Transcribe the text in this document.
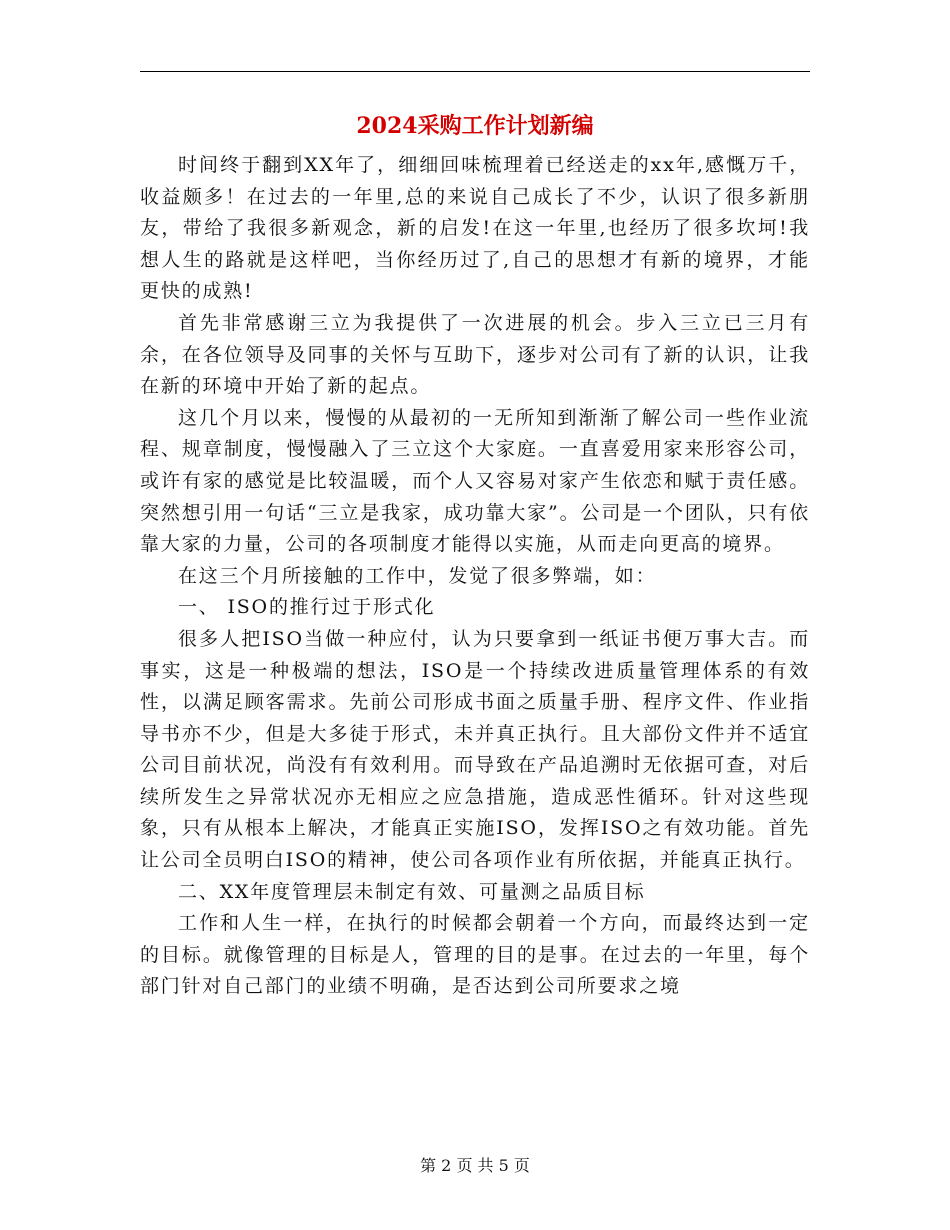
2024采购工作计划新编

时间终于翻到XX年了，细细回味梳理着已经送走的xx年,感慨万千，收益颇多！在过去的一年里,总的来说自己成长了不少，认识了很多新朋友，带给了我很多新观念，新的启发!在这一年里,也经历了很多坎坷!我想人生的路就是这样吧，当你经历过了,自己的思想才有新的境界，才能更快的成熟!

首先非常感谢三立为我提供了一次进展的机会。步入三立已三月有余，在各位领导及同事的关怀与互助下，逐步对公司有了新的认识，让我在新的环境中开始了新的起点。

这几个月以来，慢慢的从最初的一无所知到渐渐了解公司一些作业流程、规章制度，慢慢融入了三立这个大家庭。一直喜爱用家来形容公司，或许有家的感觉是比较温暖，而个人又容易对家产生依恋和赋于责任感。突然想引用一句话“三立是我家，成功靠大家”。公司是一个团队，只有依靠大家的力量，公司的各项制度才能得以实施，从而走向更高的境界。

在这三个月所接触的工作中，发觉了很多弊端，如：

一、 ISO的推行过于形式化

很多人把ISO当做一种应付，认为只要拿到一纸证书便万事大吉。而事实，这是一种极端的想法，ISO是一个持续改进质量管理体系的有效性，以满足顾客需求。先前公司形成书面之质量手册、程序文件、作业指导书亦不少，但是大多徒于形式，未并真正执行。且大部份文件并不适宜公司目前状况，尚没有有效利用。而导致在产品追溯时无依据可查，对后续所发生之异常状况亦无相应之应急措施，造成恶性循环。针对这些现象，只有从根本上解决，才能真正实施ISO，发挥ISO之有效功能。首先让公司全员明白ISO的精神，使公司各项作业有所依据，并能真正执行。

二、XX年度管理层未制定有效、可量测之品质目标

工作和人生一样，在执行的时候都会朝着一个方向，而最终达到一定的目标。就像管理的目标是人，管理的目的是事。在过去的一年里，每个部门针对自己部门的业绩不明确，是否达到公司所要求之境

第 2 页 共 5 页
